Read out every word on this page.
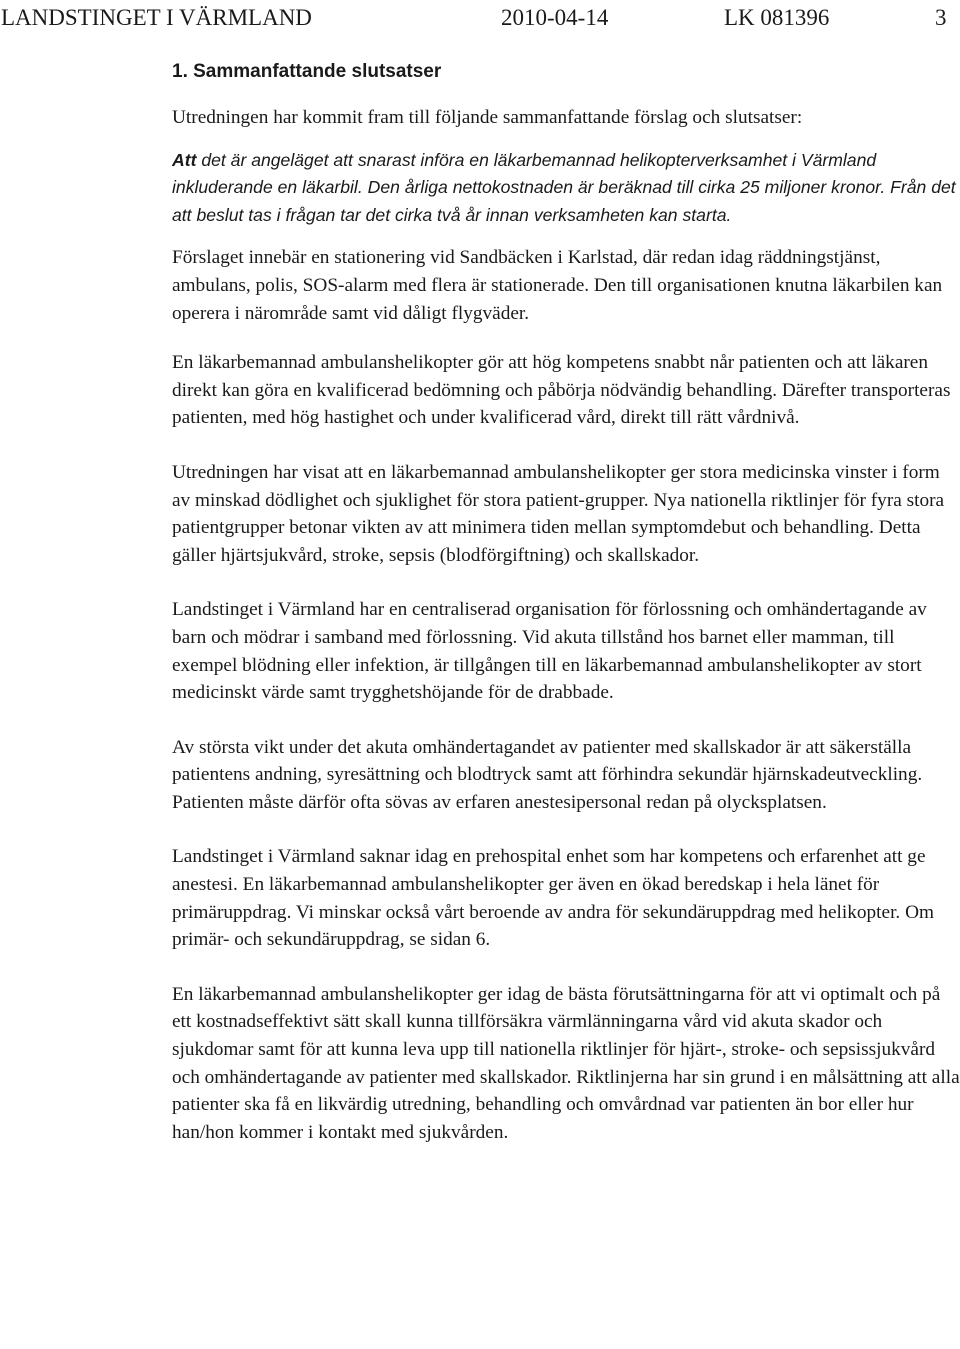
LANDSTINGET I VÄRMLAND	2010-04-14	LK 081396	3
1. Sammanfattande slutsatser

Utredningen har kommit fram till följande sammanfattande förslag och slutsatser:

Att det är angeläget att snarast införa en läkarbemannad helikopterverksamhet i Värmland inkluderande en läkarbil. Den årliga nettokostnaden är beräknad till cirka 25 miljoner kronor. Från det att beslut tas i frågan tar det cirka två år innan verksamheten kan starta.

Förslaget innebär en stationering vid Sandbäcken i Karlstad, där redan idag räddningstjänst, ambulans, polis, SOS-alarm med flera är stationerade. Den till organisationen knutna läkarbilen kan operera i närområde samt vid dåligt flygväder.

En läkarbemannad ambulanshelikopter gör att hög kompetens snabbt når patienten och att läkaren direkt kan göra en kvalificerad bedömning och påbörja nödvändig behandling. Därefter transporteras patienten, med hög hastighet och under kvalificerad vård, direkt till rätt vårdnivå.

Utredningen har visat att en läkarbemannad ambulanshelikopter ger stora medicinska vinster i form av minskad dödlighet och sjuklighet för stora patient-grupper. Nya nationella riktlinjer för fyra stora patientgrupper betonar vikten av att minimera tiden mellan symptomdebut och behandling. Detta gäller hjärtsjukvård, stroke, sepsis (blodförgiftning) och skallskador.

Landstinget i Värmland har en centraliserad organisation för förlossning och omhändertagande av barn och mödrar i samband med förlossning. Vid akuta tillstånd hos barnet eller mamman, till exempel blödning eller infektion, är tillgången till en läkarbemannad ambulanshelikopter av stort medicinskt värde samt trygghetshöjande för de drabbade.

Av största vikt under det akuta omhändertagandet av patienter med skallskador är att säkerställa patientens andning, syresättning och blodtryck samt att förhindra sekundär hjärnskadeutveckling. Patienten måste därför ofta sövas av erfaren anestesipersonal redan på olycksplatsen.

Landstinget i Värmland saknar idag en prehospital enhet som har kompetens och erfarenhet att ge anestesi. En läkarbemannad ambulanshelikopter ger även en ökad beredskap i hela länet för primäruppdrag. Vi minskar också vårt beroende av andra för sekundäruppdrag med helikopter. Om primär- och sekundäruppdrag, se sidan 6.

En läkarbemannad ambulanshelikopter ger idag de bästa förutsättningarna för att vi optimalt och på ett kostnadseffektivt sätt skall kunna tillförsäkra värmlänningarna vård vid akuta skador och sjukdomar samt för att kunna leva upp till nationella riktlinjer för hjärt-, stroke- och sepsissjukvård och omhändertagande av patienter med skallskador. Riktlinjerna har sin grund i en målsättning att alla patienter ska få en likvärdig utredning, behandling och omvårdnad var patienten än bor eller hur han/hon kommer i kontakt med sjukvården.
